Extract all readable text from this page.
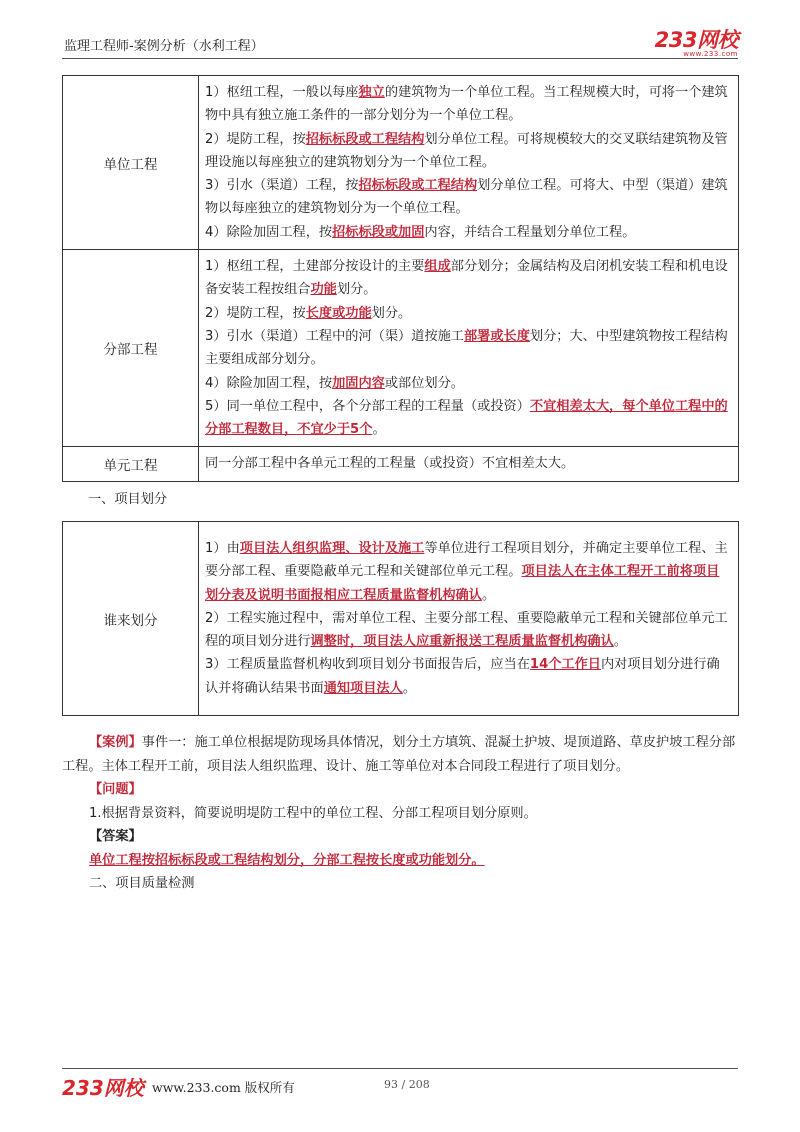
监理工程师-案例分析（水利工程）	233网校
www.233.com
单位工程	1）枢纽工程，一般以每座独立的建筑物为一个单位工程。当工程规模大时，可将一个建筑物中具有独立施工条件的一部分划分为一个单位工程。

2）堤防工程，按招标标段或工程结构划分单位工程。可将规模较大的交叉联结建筑物及管理设施以每座独立的建筑物划分为一个单位工程。

3）引水（渠道）工程，按招标标段或工程结构划分单位工程。可将大、中型（渠道）建筑物以每座独立的建筑物划分为一个单位工程。

4）除险加固工程，按招标标段或加固内容，并结合工程量划分单位工程。

分部工程	1）枢纽工程，土建部分按设计的主要组成部分划分；金属结构及启闭机安装工程和机电设备安装工程按组合功能划分。

2）堤防工程，按长度或功能划分。

3）引水（渠道）工程中的河（渠）道按施工部署或长度划分；大、中型建筑物按工程结构主要组成部分划分。

4）除险加固工程，按加固内容或部位划分。

5）同一单位工程中，各个分部工程的工程量（或投资）不宜相差太大，每个单位工程中的分部工程数目，不宜少于5个。

单元工程	同一分部工程中各单元工程的工程量（或投资）不宜相差太大。

一、项目划分
谁来划分	

1）由项目法人组织监理、设计及施工等单位进行工程项目划分，并确定主要单位工程、主要分部工程、重要隐蔽单元工程和关键部位单元工程。项目法人在主体工程开工前将项目划分表及说明书面报相应工程质量监督机构确认。

2）工程实施过程中，需对单位工程、主要分部工程、重要隐蔽单元工程和关键部位单元工程的项目划分进行调整时，项目法人应重新报送工程质量监督机构确认。

3）工程质量监督机构收到项目划分书面报告后，应当在14个工作日内对项目划分进行确认并将确认结果书面通知项目法人。

【案例】事件一：施工单位根据堤防现场具体情况，划分土方填筑、混凝土护坡、堤顶道路、草皮护坡工程分部工程。主体工程开工前，项目法人组织监理、设计、施工等单位对本合同段工程进行了项目划分。

【问题】

1.根据背景资料，简要说明堤防工程中的单位工程、分部工程项目划分原则。

【答案】

单位工程按招标标段或工程结构划分，分部工程按长度或功能划分。

二、项目质量检测

233网校 www.233.com 版权所有	93 / 208
